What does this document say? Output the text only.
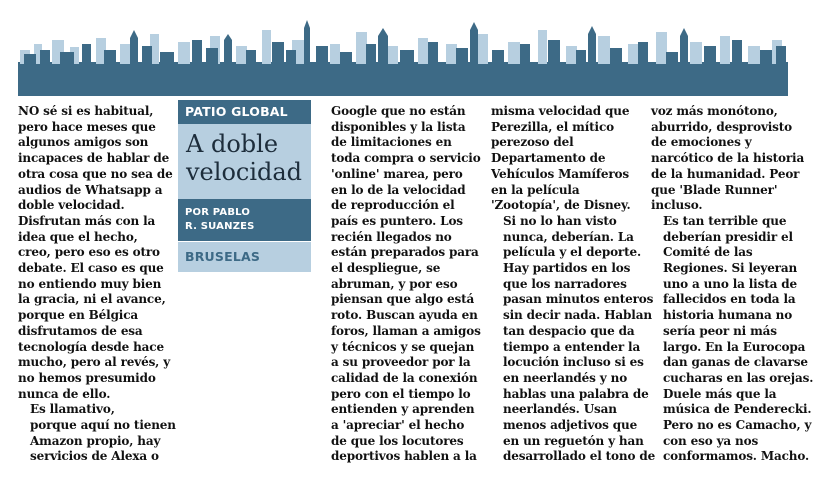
NO sé si es habitual,
pero hace meses que
algunos amigos son
incapaces de hablar de
otra cosa que no sea de
audios de Whatsapp a
doble velocidad.
Disfrutan más con la
idea que el hecho,
creo, pero eso es otro
debate. El caso es que
no entiendo muy bien
la gracia, ni el avance,
porque en Bélgica
disfrutamos de esa
tecnología desde hace
mucho, pero al revés, y
no hemos presumido
nunca de ello.

Es llamativo,
porque aquí no tienen
Amazon propio, hay
servicios de Alexa o

PATIO GLOBAL
A doble
velocidad
POR PABLO
R. SUANZES
BRUSELAS

Google que no están
disponibles y la lista
de limitaciones en
toda compra o servicio
'online' marea, pero
en lo de la velocidad
de reproducción el
país es puntero. Los
recién llegados no
están preparados para
el despliegue, se
abruman, y por eso
piensan que algo está
roto. Buscan ayuda en
foros, llaman a amigos
y técnicos y se quejan
a su proveedor por la
calidad de la conexión
pero con el tiempo lo
entienden y aprenden
a 'apreciar' el hecho
de que los locutores
deportivos hablen a la

misma velocidad que
Perezilla, el mítico
perezoso del
Departamento de
Vehículos Mamíferos
en la película
'Zootopía', de Disney.

Si no lo han visto
nunca, deberían. La
película y el deporte.
Hay partidos en los
que los narradores
pasan minutos enteros
sin decir nada. Hablan
tan despacio que da
tiempo a entender la
locución incluso si es
en neerlandés y no
hablas una palabra de
neerlandés. Usan
menos adjetivos que
en un reguetón y han
desarrollado el tono de

voz más monótono,
aburrido, desprovisto
de emociones y
narcótico de la historia
de la humanidad. Peor
que 'Blade Runner'
incluso.

Es tan terrible que
deberían presidir el
Comité de las
Regiones. Si leyeran
uno a uno la lista de
fallecidos en toda la
historia humana no
sería peor ni más
largo. En la Eurocopa
dan ganas de clavarse
cucharas en las orejas.
Duele más que la
música de Penderecki.
Pero no es Camacho, y
con eso ya nos
conformamos. Macho.
